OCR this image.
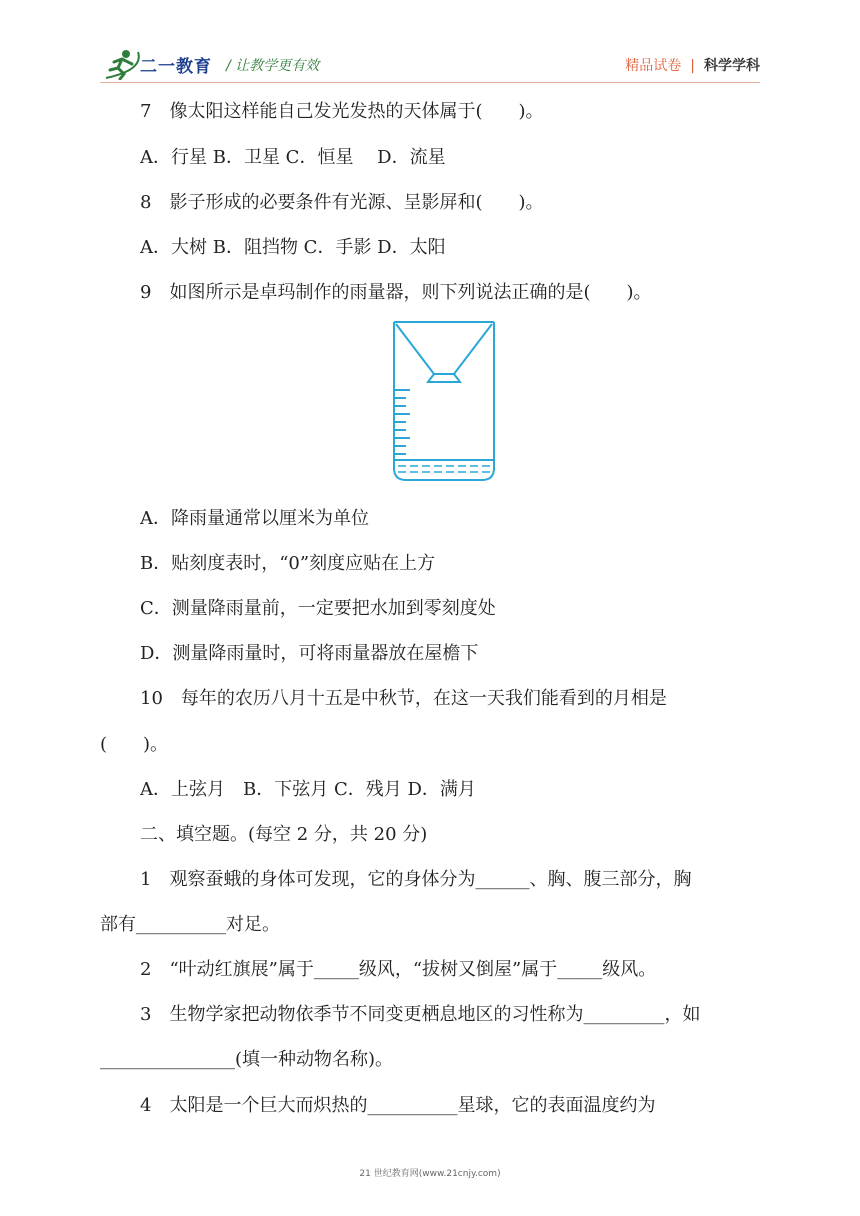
二一教育 / 让教学更有效	精品试卷 | 科学学科
7　像太阳这样能自己发光发热的天体属于(　　)。
A．行星 B．卫星 C．恒星　 D．流星
8　影子形成的必要条件有光源、呈影屏和(　　)。
A．大树 B．阻挡物 C．手影 D．太阳
9　如图所示是卓玛制作的雨量器，则下列说法正确的是(　　)。
A．降雨量通常以厘米为单位
B．贴刻度表时，“0”刻度应贴在上方
C．测量降雨量前，一定要把水加到零刻度处
D．测量降雨量时，可将雨量器放在屋檐下
10　每年的农历八月十五是中秋节，在这一天我们能看到的月相是
(　　)。
A．上弦月　B．下弦月 C．残月 D．满月
二、填空题。(每空 2 分，共 20 分)
1　观察蚕蛾的身体可发现，它的身体分为______、胸、腹三部分，胸
部有__________对足。
2　“叶动红旗展”属于_____级风，“拔树又倒屋”属于_____级风。
3　生物学家把动物依季节不同变更栖息地区的习性称为_________，如
_______________(填一种动物名称)。
4　太阳是一个巨大而炽热的__________星球，它的表面温度约为
21 世纪教育网(www.21cnjy.com)
